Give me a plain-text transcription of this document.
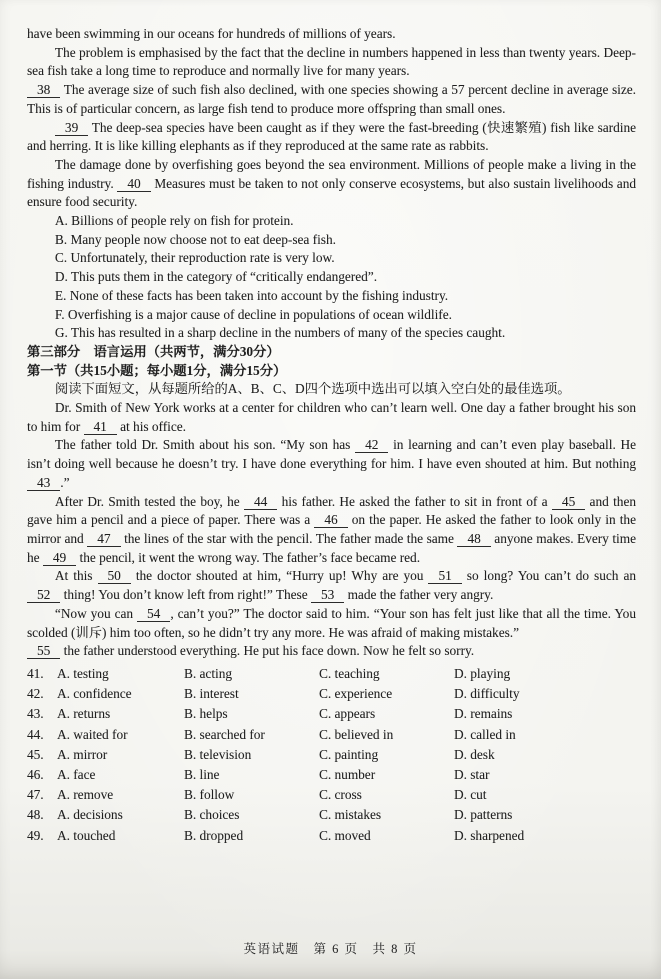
have been swimming in our oceans for hundreds of millions of years.

The problem is emphasised by the fact that the decline in numbers happened in less than twenty years. Deep-sea fish take a long time to reproduce and normally live for many years.

38 The average size of such fish also declined, with one species showing a 57 percent decline in average size. This is of particular concern, as large fish tend to produce more offspring than small ones.

39 The deep-sea species have been caught as if they were the fast-breeding (快速繁殖) fish like sardine and herring. It is like killing elephants as if they reproduced at the same rate as rabbits.

The damage done by overfishing goes beyond the sea environment. Millions of people make a living in the fishing industry. 40 Measures must be taken to not only conserve ecosystems, but also sustain livelihoods and ensure food security.

A. Billions of people rely on fish for protein.
B. Many people now choose not to eat deep-sea fish.
C. Unfortunately, their reproduction rate is very low.
D. This puts them in the category of “critically endangered”.
E. None of these facts has been taken into account by the fishing industry.
F. Overfishing is a major cause of decline in populations of ocean wildlife.
G. This has resulted in a sharp decline in the numbers of many of the species caught.

第三部分　语言运用（共两节，满分30分）

第一节（共15小题；每小题1分，满分15分）

阅读下面短文，从每题所给的A、B、C、D四个选项中选出可以填入空白处的最佳选项。

Dr. Smith of New York works at a center for children who can’t learn well. One day a father brought his son to him for 41 at his office.

The father told Dr. Smith about his son. “My son has 42 in learning and can’t even play baseball. He isn’t doing well because he doesn’t try. I have done everything for him. I have even shouted at him. But nothing 43 .”

After Dr. Smith tested the boy, he 44 his father. He asked the father to sit in front of a 45 and then gave him a pencil and a piece of paper. There was a 46 on the paper. He asked the father to look only in the mirror and 47 the lines of the star with the pencil. The father made the same 48 anyone makes. Every time he 49 the pencil, it went the wrong way. The father’s face became red.

At this 50 the doctor shouted at him, “Hurry up! Why are you 51 so long? You can’t do such an 52 thing! You don’t know left from right!” These 53 made the father very angry.

“Now you can 54 , can’t you?” The doctor said to him. “Your son has felt just like that all the time. You scolded (训斥) him too often, so he didn’t try any more. He was afraid of making mistakes.”

55 the father understood everything. He put his face down. Now he felt so sorry.

41.	A. testing	B. acting	C. teaching	D. playing
42.	A. confidence	B. interest	C. experience	D. difficulty
43.	A. returns	B. helps	C. appears	D. remains
44.	A. waited for	B. searched for	C. believed in	D. called in
45.	A. mirror	B. television	C. painting	D. desk
46.	A. face	B. line	C. number	D. star
47.	A. remove	B. follow	C. cross	D. cut
48.	A. decisions	B. choices	C. mistakes	D. patterns
49.	A. touched	B. dropped	C. moved	D. sharpened
英语试题　第 6 页　共 8 页
